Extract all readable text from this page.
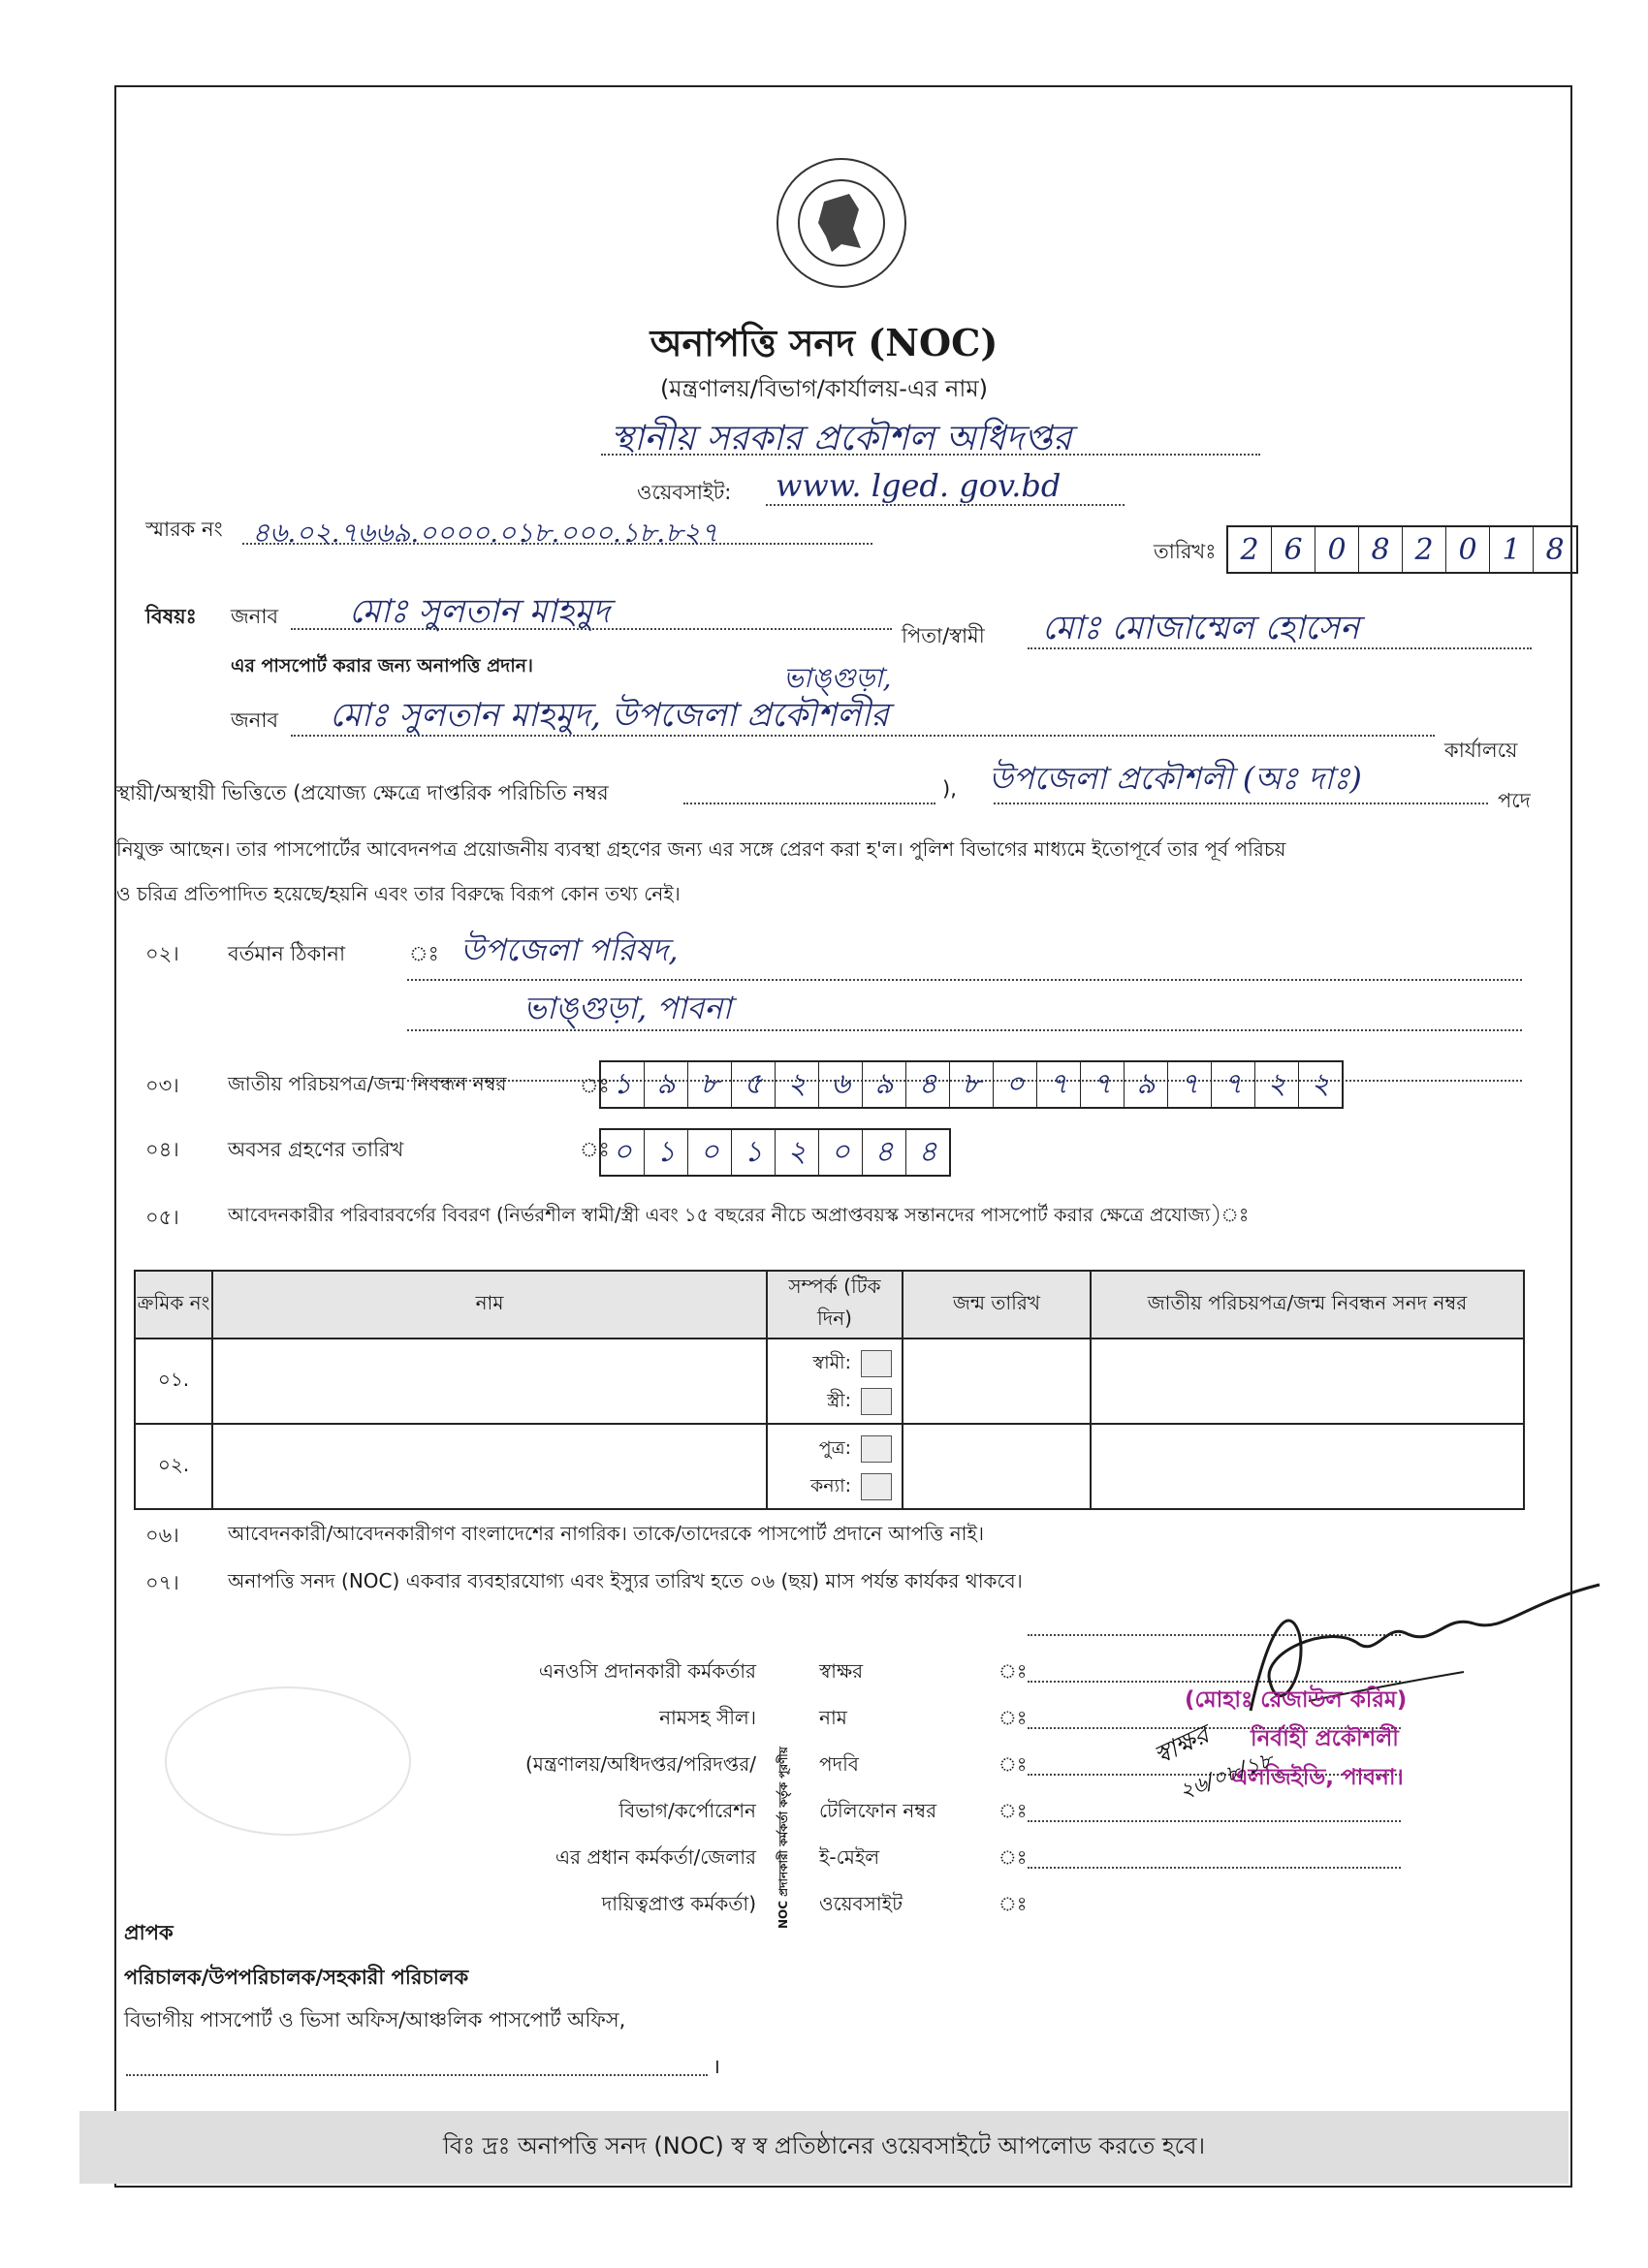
অনাপত্তি সনদ (NOC)
(মন্ত্রণালয়/বিভাগ/কার্যালয়-এর নাম)
স্থানীয় সরকার প্রকৌশল অধিদপ্তর
ওয়েবসাইট: www. lged. gov.bd
স্মারক নং ৪৬.০২.৭৬৬৯.০০০০.০১৮.০০০.১৮.৮২৭
তারিখঃ 2 6 0 8 2 0 1 8
বিষয়ঃ জনাব মোঃ সুলতান মাহমুদ
পিতা/স্বামী মোঃ মোজাম্মেল হোসেন
এর পাসপোর্ট করার জন্য অনাপত্তি প্রদান।
জনাব
ভাঙ্গুড়া,
মোঃ সুলতান মাহমুদ, উপজেলা প্রকৌশলীর
কার্যালয়ে
স্থায়ী/অস্থায়ী ভিত্তিতে (প্রযোজ্য ক্ষেত্রে দাপ্তরিক পরিচিতি নম্বর	), উপজেলা প্রকৌশলী (অঃ দাঃ)
পদে
নিযুক্ত আছেন। তার পাসপোর্টের আবেদনপত্র প্রয়োজনীয় ব্যবস্থা গ্রহণের জন্য এর সঙ্গে প্রেরণ করা হ'ল। পুলিশ বিভাগের মাধ্যমে ইতোপূর্বে তার পূর্ব পরিচয়
ও চরিত্র প্রতিপাদিত হয়েছে/হয়নি এবং তার বিরুদ্ধে বিরূপ কোন তথ্য নেই।
০২। বর্তমান ঠিকানা	ঃ উপজেলা পরিষদ,
ভাঙ্গুড়া, পাবনা
০৩।	জাতীয় পরিচয়পত্র/জন্ম নিবন্ধন নম্বর	ঃ ১ ৯ ৮ ৫ ২ ৬ ৯ ৪ ৮ ০ ৭ ৭ ৯ ৭ ৭ ২ ২
০৪। অবসর গ্রহণের তারিখ	ঃ ০ ১ ০ ১ ২ ০ ৪ ৪
০৫।	আবেদনকারীর পরিবারবর্গের বিবরণ (নির্ভরশীল স্বামী/স্ত্রী এবং ১৫ বছরের নীচে অপ্রাপ্তবয়স্ক সন্তানদের পাসপোর্ট করার ক্ষেত্রে প্রযোজ্য)ঃ
ক্রমিক নং	নাম	সম্পর্ক (টিক দিন)	জন্ম তারিখ	জাতীয় পরিচয়পত্র/জন্ম নিবন্ধন সনদ নম্বর
০১.		স্বামী:
স্ত্রী:		
০২.		পুত্র:
কন্যা:		
০৬।	আবেদনকারী/আবেদনকারীগণ বাংলাদেশের নাগরিক। তাকে/তাদেরকে পাসপোর্ট প্রদানে আপত্তি নাই।
০৭।	অনাপত্তি সনদ (NOC) একবার ব্যবহারযোগ্য এবং ইস্যুর তারিখ হতে ০৬ (ছয়) মাস পর্যন্ত কার্যকর থাকবে।
এনওসি প্রদানকারী কর্মকর্তার
নামসহ সীল।
(মন্ত্রণালয়/অধিদপ্তর/পরিদপ্তর/
বিভাগ/কর্পোরেশন
এর প্রধান কর্মকর্তা/জেলার
দায়িত্বপ্রাপ্ত কর্মকর্তা) NOC প্রদানকারী কর্মকর্তা কর্তৃক পূরণীয়
স্বাক্ষর	ঃ
নাম	ঃ
পদবি	ঃ
টেলিফোন নম্বর	ঃ
ই-মেইল	ঃ
ওয়েবসাইট	ঃ
(মোহাঃ রেজাউল করিম)
নির্বাহী প্রকৌশলী
এলজিইডি, পাবনা।
স্বাক্ষর
২৬/০৮/১৮
প্রাপক
পরিচালক/উপপরিচালক/সহকারী পরিচালক
বিভাগীয় পাসপোর্ট ও ভিসা অফিস/আঞ্চলিক পাসপোর্ট অফিস,
।
বিঃ দ্রঃ অনাপত্তি সনদ (NOC) স্ব স্ব প্রতিষ্ঠানের ওয়েবসাইটে আপলোড করতে হবে।
